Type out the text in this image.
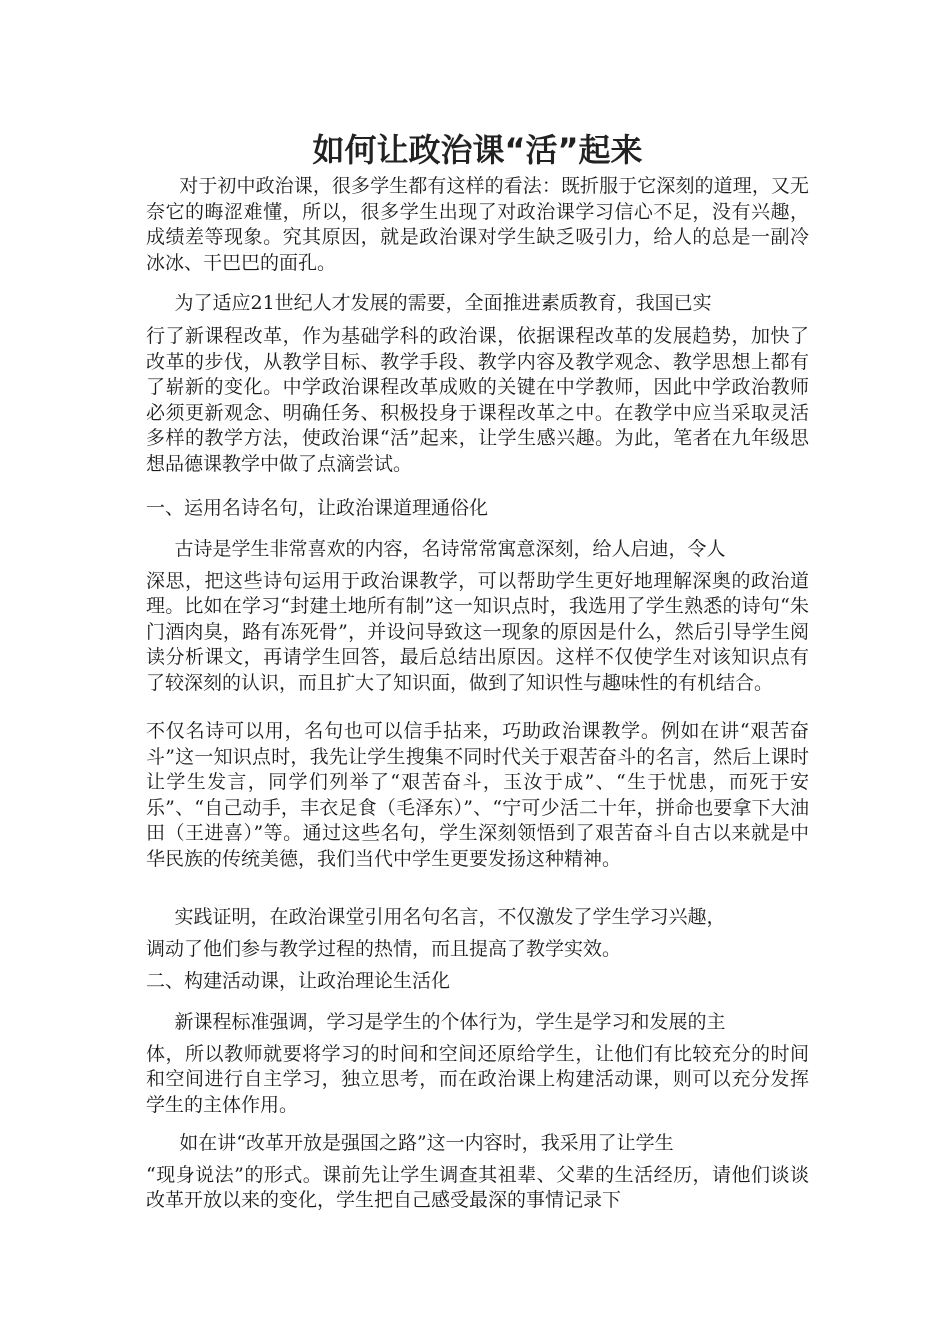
如何让政治课“活”起来

对于初中政治课，很多学生都有这样的看法：既折服于它深刻的道理，又无奈它的晦涩难懂，所以，很多学生出现了对政治课学习信心不足，没有兴趣，成绩差等现象。究其原因，就是政治课对学生缺乏吸引力，给人的总是一副冷冰冰、干巴巴的面孔。

为了适应21世纪人才发展的需要，全面推进素质教育，我国已实
行了新课程改革，作为基础学科的政治课，依据课程改革的发展趋势，加快了改革的步伐，从教学目标、教学手段、教学内容及教学观念、教学思想上都有了崭新的变化。中学政治课程改革成败的关键在中学教师，因此中学政治教师必须更新观念、明确任务、积极投身于课程改革之中。在教学中应当采取灵活多样的教学方法，使政治课“活”起来，让学生感兴趣。为此，笔者在九年级思想品德课教学中做了点滴尝试。

一、运用名诗名句，让政治课道理通俗化

古诗是学生非常喜欢的内容，名诗常常寓意深刻，给人启迪，令人
深思，把这些诗句运用于政治课教学，可以帮助学生更好地理解深奥的政治道理。比如在学习“封建土地所有制”这一知识点时，我选用了学生熟悉的诗句“朱门酒肉臭，路有冻死骨”，并设问导致这一现象的原因是什么，然后引导学生阅读分析课文，再请学生回答，最后总结出原因。这样不仅使学生对该知识点有了较深刻的认识，而且扩大了知识面，做到了知识性与趣味性的有机结合。

不仅名诗可以用，名句也可以信手拈来，巧助政治课教学。例如在讲“艰苦奋斗”这一知识点时，我先让学生搜集不同时代关于艰苦奋斗的名言，然后上课时让学生发言，同学们列举了“艰苦奋斗，玉汝于成”、“生于忧患，而死于安乐”、“自己动手，丰衣足食（毛泽东）”、“宁可少活二十年，拼命也要拿下大油田（王进喜）”等。通过这些名句，学生深刻领悟到了艰苦奋斗自古以来就是中华民族的传统美德，我们当代中学生更要发扬这种精神。

实践证明，在政治课堂引用名句名言，不仅激发了学生学习兴趣，
调动了他们参与教学过程的热情，而且提高了教学实效。

二、构建活动课，让政治理论生活化

新课程标准强调，学习是学生的个体行为，学生是学习和发展的主
体，所以教师就要将学习的时间和空间还原给学生，让他们有比较充分的时间和空间进行自主学习，独立思考，而在政治课上构建活动课，则可以充分发挥学生的主体作用。

如在讲“改革开放是强国之路”这一内容时，我采用了让学生
“现身说法”的形式。课前先让学生调查其祖辈、父辈的生活经历，请他们谈谈改革开放以来的变化，学生把自己感受最深的事情记录下
